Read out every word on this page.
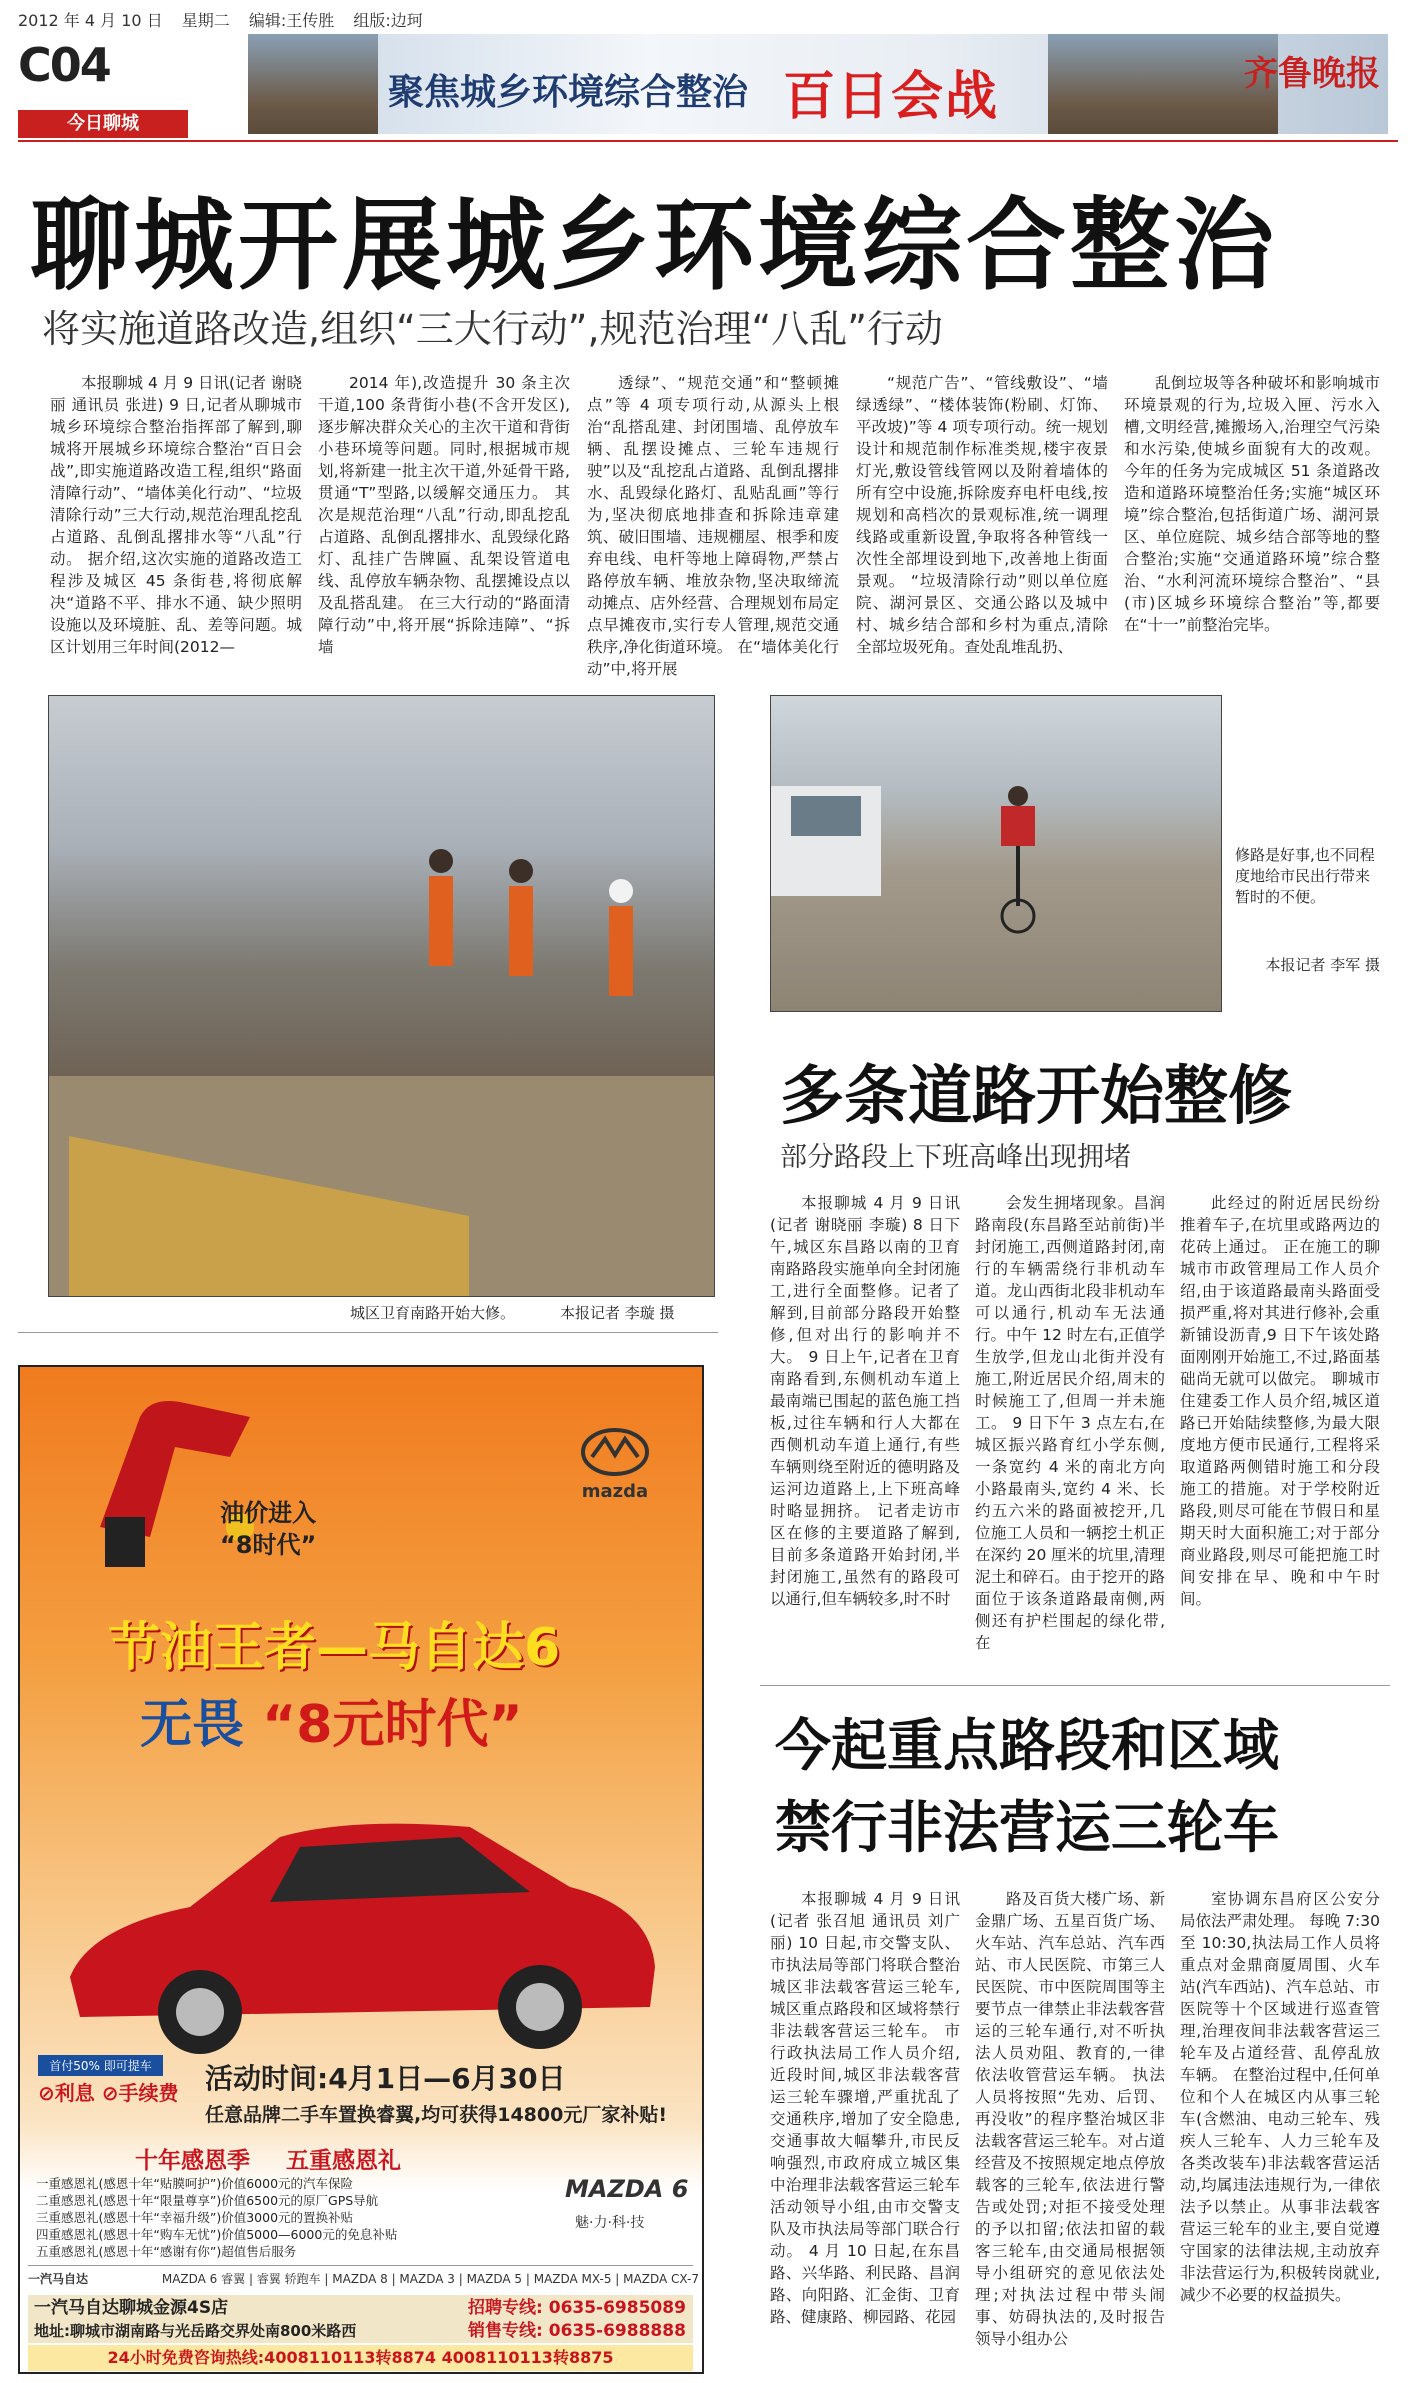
2012 年 4 月 10 日 星期二 编辑:王传胜 组版:边珂
C04
聚焦城乡环境综合整治 百日会战	齐鲁晚报
今日聊城
聊城开展城乡环境综合整治
将实施道路改造,组织“三大行动”,规范治理“八乱”行动

本报聊城 4 月 9 日讯(记者 谢晓丽 通讯员 张进) 9 日,记者从聊城市城乡环境综合整治指挥部了解到,聊城将开展城乡环境综合整治“百日会战”,即实施道路改造工程,组织“路面清障行动”、“墙体美化行动”、“垃圾清除行动”三大行动,规范治理乱挖乱占道路、乱倒乱撂排水等“八乱”行动。 据介绍,这次实施的道路改造工程涉及城区 45 条街巷,将彻底解决“道路不平、排水不通、缺少照明设施以及环境脏、乱、差等问题。城区计划用三年时间(2012—

2014 年),改造提升 30 条主次干道,100 条背街小巷(不含开发区),逐步解决群众关心的主次干道和背街小巷环境等问题。同时,根据城市规划,将新建一批主次干道,外延骨干路,贯通“T”型路,以缓解交通压力。 其次是规范治理“八乱”行动,即乱挖乱占道路、乱倒乱撂排水、乱毁绿化路灯、乱挂广告牌匾、乱架设管道电线、乱停放车辆杂物、乱摆摊设点以及乱搭乱建。 在三大行动的“路面清障行动”中,将开展“拆除违障”、“拆墙

透绿”、“规范交通”和“整顿摊点”等 4 项专项行动,从源头上根治“乱搭乱建、封闭围墙、乱停放车辆、乱摆设摊点、三轮车违规行驶”以及“乱挖乱占道路、乱倒乱撂排水、乱毁绿化路灯、乱贴乱画”等行为,坚决彻底地排查和拆除违章建筑、破旧围墙、违规棚屋、根季和废弃电线、电杆等地上障碍物,严禁占路停放车辆、堆放杂物,坚决取缔流动摊点、店外经营、合理规划布局定点早摊夜市,实行专人管理,规范交通秩序,净化街道环境。 在“墙体美化行动”中,将开展

“规范广告”、“管线敷设”、“墙绿透绿”、“楼体装饰(粉刷、灯饰、平改坡)”等 4 项专项行动。统一规划设计和规范制作标准类规,楼宇夜景灯光,敷设管线管网以及附着墙体的所有空中设施,拆除废弃电杆电线,按规划和高档次的景观标准,统一调理线路或重新设置,争取将各种管线一次性全部埋设到地下,改善地上街面景观。 “垃圾清除行动”则以单位庭院、湖河景区、交通公路以及城中村、城乡结合部和乡村为重点,清除全部垃圾死角。查处乱堆乱扔、

乱倒垃圾等各种破坏和影响城市环境景观的行为,垃圾入匣、污水入槽,文明经营,摊搬场入,治理空气污染和水污染,使城乡面貌有大的改观。 今年的任务为完成城区 51 条道路改造和道路环境整治任务;实施“城区环境”综合整治,包括街道广场、湖河景区、单位庭院、城乡结合部等地的整合整治;实施“交通道路环境”综合整治、“水利河流环境综合整治”、“县(市)区城乡环境综合整治”等,都要在“十一”前整治完毕。

城区卫育南路开始大修。	本报记者 李璇 摄
修路是好事,也不同程度地给市民出行带来暂时的不便。
本报记者 李军 摄
多条道路开始整修
部分路段上下班高峰出现拥堵

本报聊城 4 月 9 日讯(记者 谢晓丽 李璇) 8 日下午,城区东昌路以南的卫育南路路段实施单向全封闭施工,进行全面整修。记者了解到,目前部分路段开始整修,但对出行的影响并不大。 9 日上午,记者在卫育南路看到,东侧机动车道上最南端已围起的蓝色施工挡板,过往车辆和行人大都在西侧机动车道上通行,有些车辆则绕至附近的德明路及运河边道路上,上下班高峰时略显拥挤。 记者走访市区在修的主要道路了解到,目前多条道路开始封闭,半封闭施工,虽然有的路段可以通行,但车辆较多,时不时

会发生拥堵现象。昌润路南段(东昌路至站前街)半封闭施工,西侧道路封闭,南行的车辆需绕行非机动车道。龙山西街北段非机动车可以通行,机动车无法通行。中午 12 时左右,正值学生放学,但龙山北街并没有施工,附近居民介绍,周末的时候施工了,但周一并未施工。 9 日下午 3 点左右,在城区振兴路育红小学东侧,一条宽约 4 米的南北方向小路最南头,宽约 4 米、长约五六米的路面被挖开,几位施工人员和一辆挖土机正在深约 20 厘米的坑里,清理泥土和碎石。由于挖开的路面位于该条道路最南侧,两侧还有护栏围起的绿化带,在

此经过的附近居民纷纷推着车子,在坑里或路两边的花砖上通过。 正在施工的聊城市市政管理局工作人员介绍,由于该道路最南头路面受损严重,将对其进行修补,会重新铺设沥青,9 日下午该处路面刚刚开始施工,不过,路面基础尚无就可以做完。 聊城市住建委工作人员介绍,城区道路已开始陆续整修,为最大限度地方便市民通行,工程将采取道路两侧错时施工和分段施工的措施。对于学校附近路段,则尽可能在节假日和星期天时大面积施工;对于部分商业路段,则尽可能把施工时间安排在早、晚和中午时间。

今起重点路段和区域
禁行非法营运三轮车

本报聊城 4 月 9 日讯(记者 张召旭 通讯员 刘广丽) 10 日起,市交警支队、市执法局等部门将联合整治城区非法载客营运三轮车,城区重点路段和区域将禁行非法载客营运三轮车。 市行政执法局工作人员介绍,近段时间,城区非法载客营运三轮车骤增,严重扰乱了交通秩序,增加了安全隐患,交通事故大幅攀升,市民反响强烈,市政府成立城区集中治理非法载客营运三轮车活动领导小组,由市交警支队及市执法局等部门联合行动。 4 月 10 日起,在东昌路、兴华路、利民路、昌润路、向阳路、汇金街、卫育路、健康路、柳园路、花园

路及百货大楼广场、新金鼎广场、五星百货广场、火车站、汽车总站、汽车西站、市人民医院、市第三人民医院、市中医院周围等主要节点一律禁止非法载客营运的三轮车通行,对不听执法人员劝阻、教育的,一律依法收管营运车辆。 执法人员将按照“先劝、后罚、再没收”的程序整治城区非法载客营运三轮车。对占道经营及不按照规定地点停放载客的三轮车,依法进行警告或处罚;对拒不接受处理的予以扣留;依法扣留的载客三轮车,由交通局根据领导小组研究的意见依法处理;对执法过程中带头闹事、妨碍执法的,及时报告领导小组办公

室协调东昌府区公安分局依法严肃处理。 每晚 7:30 至 10:30,执法局工作人员将重点对金鼎商厦周围、火车站(汽车西站)、汽车总站、市医院等十个区域进行巡查管理,治理夜间非法载客营运三轮车及占道经营、乱停乱放车辆。 在整治过程中,任何单位和个人在城区内从事三轮车(含燃油、电动三轮车、残疾人三轮车、人力三轮车及各类改装车)非法载客营运活动,均属违法违规行为,一律依法予以禁止。从事非法载客营运三轮车的业主,要自觉遵守国家的法律法规,主动放弃非法营运行为,积极转岗就业,减少不必要的权益损失。

油价进入
“8时代”
mazda
节油王者—马自达6
无畏 “8元时代”
首付50% 即可提车
⊘利息 ⊘手续费 活动时间:4月1日—6月30日
任意品牌二手车置换睿翼,均可获得14800元厂家补贴!
十年感恩季 五重感恩礼
一重感恩礼(感恩十年“贴膜呵护”)价值6000元的汽车保险
二重感恩礼(感恩十年“限量尊享”)价值6500元的原厂GPS导航
三重感恩礼(感恩十年“幸福升级”)价值3000元的置换补贴
四重感恩礼(感恩十年“购车无忧”)价值5000—6000元的免息补贴
五重感恩礼(感恩十年“感谢有你”)超值售后服务
MAZDA 6
魅·力·科·技
一汽马自达	MAZDA 6 睿翼 | 睿翼 轿跑车 | MAZDA 8 | MAZDA 3 | MAZDA 5 | MAZDA MX-5 | MAZDA CX-7
一汽马自达聊城金源4S店
地址:聊城市湖南路与光岳路交界处南800米路西
招聘专线: 0635-6985089
销售专线: 0635-6988888
24小时免费咨询热线:4008110113转8874 4008110113转8875
